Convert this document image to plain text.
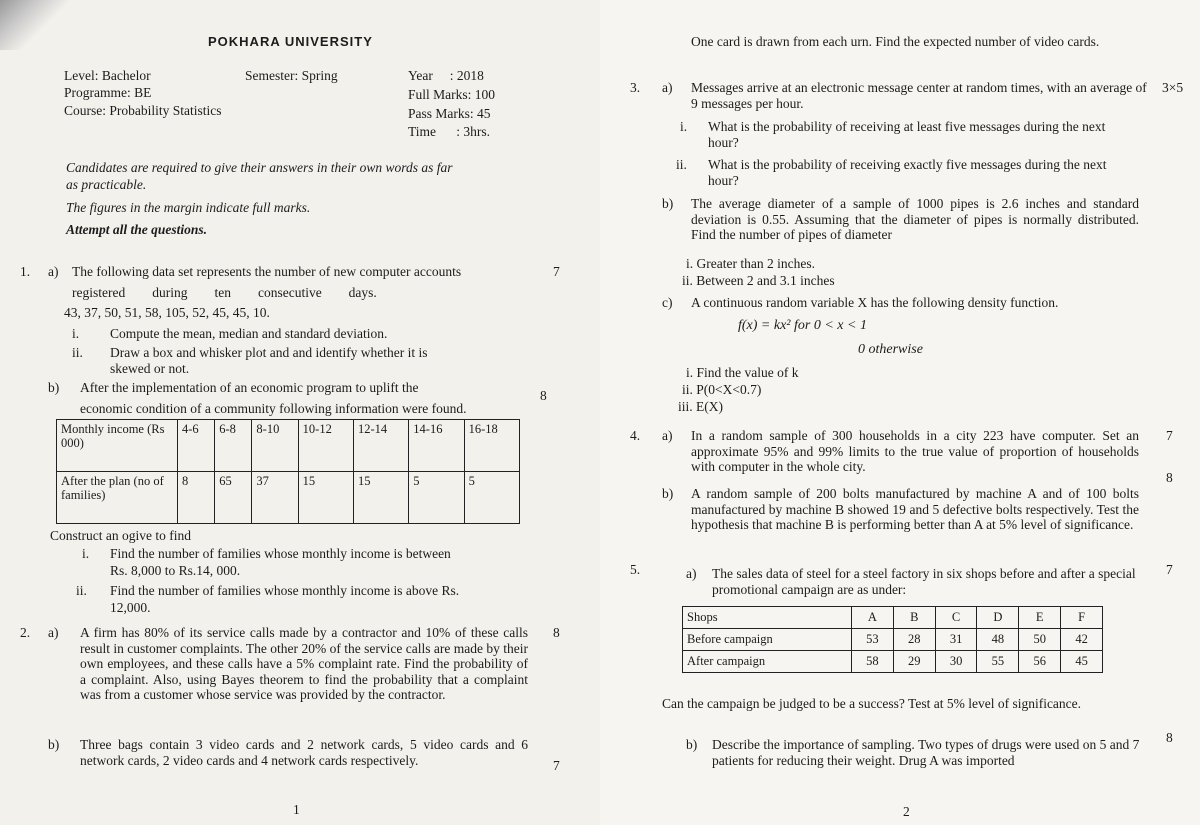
POKHARA UNIVERSITY
Level: Bachelor	Semester: Spring	Year     : 2018
Programme: BE	Full Marks: 100
Course: Probability Statistics	Pass Marks: 45
Time      : 3hrs.
Candidates are required to give their answers in their own words as far
as practicable.
The figures in the margin indicate full marks.
Attempt all the questions.
1. a) The following data set represents the number of new computer accounts	7
registered        during        ten        consecutive        days.
43, 37, 50, 51, 58, 105, 52, 45, 45, 10.
i. Compute the mean, median and standard deviation.
ii. Draw a box and whisker plot and and identify whether it is
skewed or not.
b) After the implementation of an economic program to uplift the
8
economic condition of a community following information were found.
Monthly income (Rs 000)	4-6	6-8	8-10	10-12	12-14	14-16	16-18
After the plan (no of families)	8	65	37	15	15	5	5
Construct an ogive to find
i. Find the number of families whose monthly income is between
Rs. 8,000 to Rs.14, 000.
ii. Find the number of families whose monthly income is above Rs.
12,000.
2. a) A firm has 80% of its service calls made by a contractor and 10% of these calls result in customer complaints. The other 20% of the service calls are made by their own employees, and these calls have a 5% complaint rate. Find the probability of a complaint. Also, using Bayes theorem to find the probability that a complaint was from a customer whose service was provided by the contractor.
8
b) Three bags contain 3 video cards and 2 network cards, 5 video cards and 6 network cards, 2 video cards and 4 network cards respectively.	7
1
One card is drawn from each urn. Find the expected number of video cards.
3. a) Messages arrive at an electronic message center at random times, with an average of 9 messages per hour.
3×5
i. What is the probability of receiving at least five messages during the next hour?
ii. What is the probability of receiving exactly five messages during the next hour?
b) The average diameter of a sample of 1000 pipes is 2.6 inches and standard deviation is 0.55. Assuming that the diameter of pipes is normally distributed. Find the number of pipes of diameter
i. Greater than 2 inches.
ii. Between 2 and 3.1 inches
c) A continuous random variable X has the following density function.
f(x) = kx² for 0 < x < 1
0 otherwise
i. Find the value of k
ii. P(0<X<0.7)
iii. E(X)
4. a) In a random sample of 300 households in a city 223 have computer. Set an approximate 95% and 99% limits to the true value of proportion of households with computer in the whole city.
7
b) A random sample of 200 bolts manufactured by machine A and of 100 bolts manufactured by machine B showed 19 and 5 defective bolts respectively. Test the hypothesis that machine B is performing better than A at 5% level of significance.
8
5.	a) The sales data of steel for a steel factory in six shops before and after a special promotional campaign are as under:
7
Shops	A	B	C	D	E	F
Before campaign	53	28	31	48	50	42
After campaign	58	29	30	55	56	45
Can the campaign be judged to be a success? Test at 5% level of significance.
b) Describe the importance of sampling. Two types of drugs were used on 5 and 7 patients for reducing their weight. Drug A was imported
8
2
